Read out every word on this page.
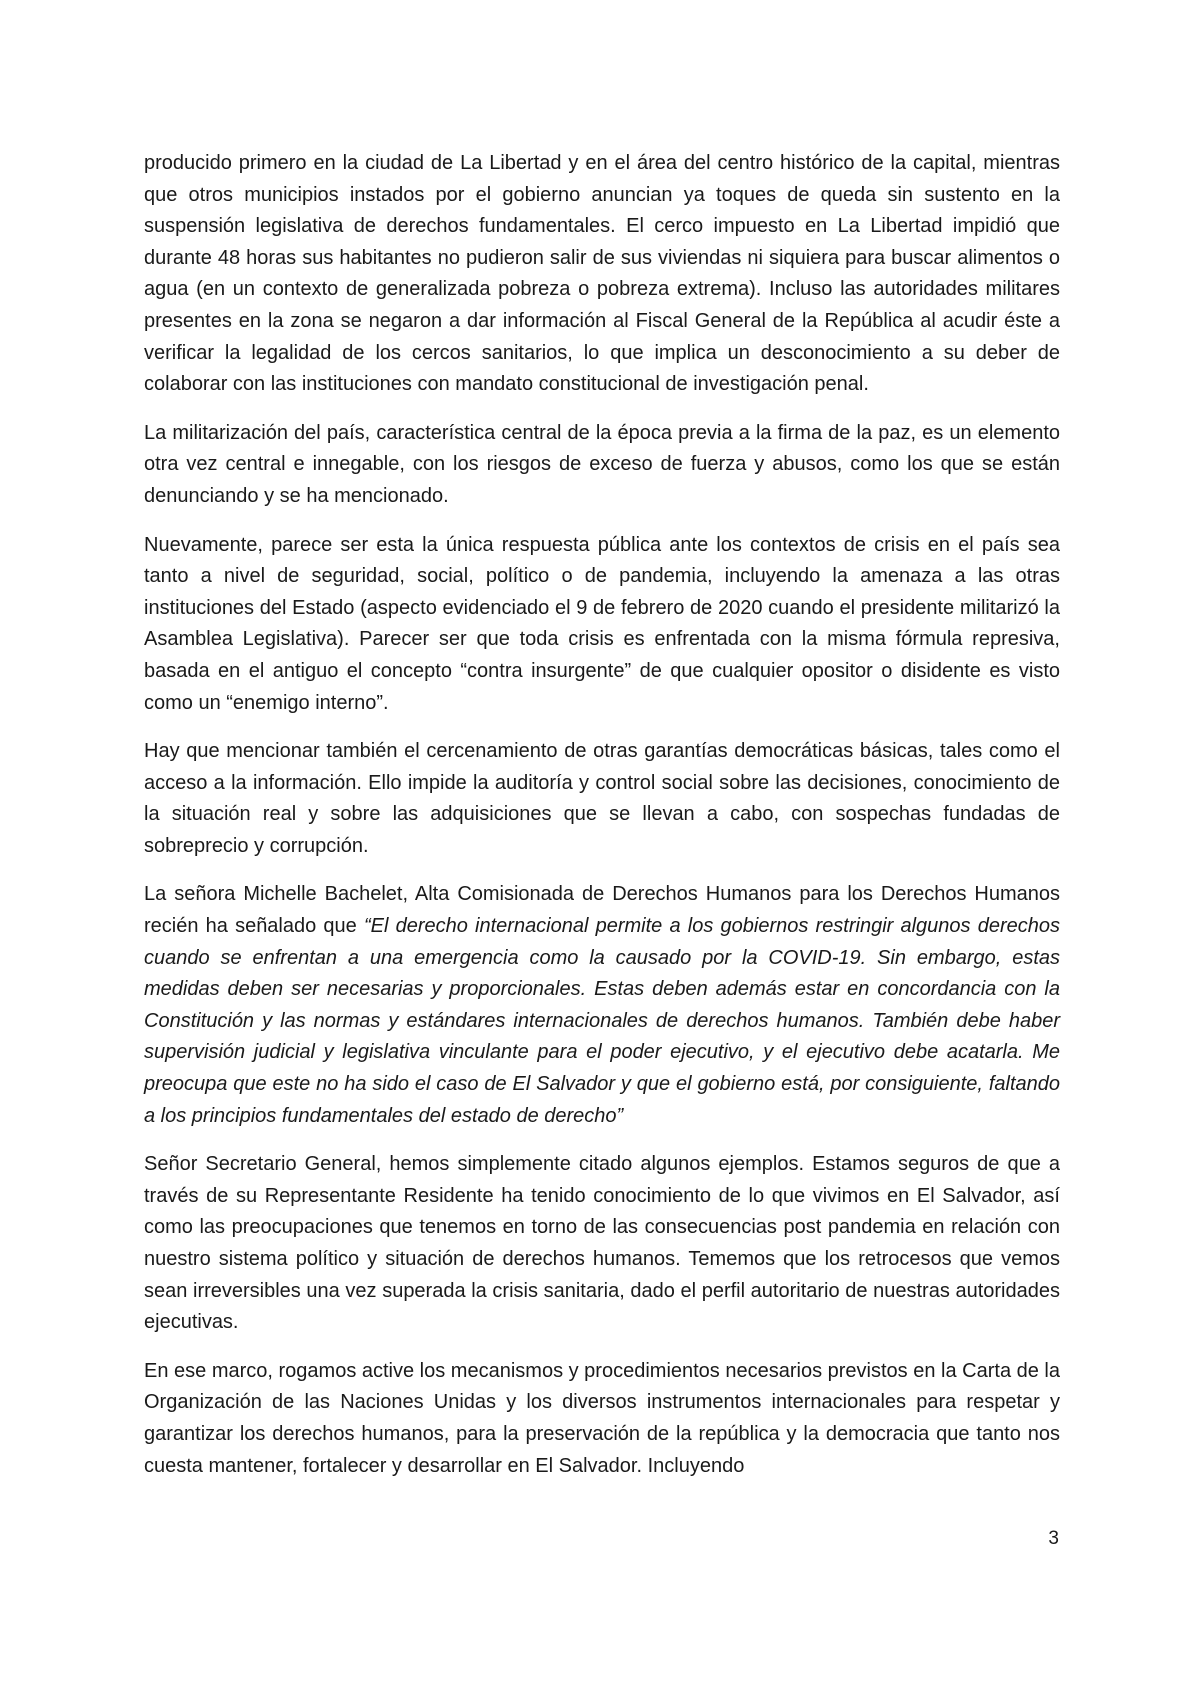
producido primero en la ciudad de La Libertad y en el área del centro histórico de la capital, mientras que otros municipios instados por el gobierno anuncian ya toques de queda sin sustento en la suspensión legislativa de derechos fundamentales. El cerco impuesto en La Libertad impidió que durante 48 horas sus habitantes no pudieron salir de sus viviendas ni siquiera para buscar alimentos o agua (en un contexto de generalizada pobreza o pobreza extrema). Incluso las autoridades militares presentes en la zona se negaron a dar información al Fiscal General de la República al acudir éste a verificar la legalidad de los cercos sanitarios, lo que implica un desconocimiento a su deber de colaborar con las instituciones con mandato constitucional de investigación penal.

La militarización del país, característica central de la época previa a la firma de la paz, es un elemento otra vez central e innegable, con los riesgos de exceso de fuerza y abusos, como los que se están denunciando y se ha mencionado.

Nuevamente, parece ser esta la única respuesta pública ante los contextos de crisis en el país sea tanto a nivel de seguridad, social, político o de pandemia, incluyendo la amenaza a las otras instituciones del Estado (aspecto evidenciado el 9 de febrero de 2020 cuando el presidente militarizó la Asamblea Legislativa). Parecer ser que toda crisis es enfrentada con la misma fórmula represiva, basada en el antiguo el concepto “contra insurgente” de que cualquier opositor o disidente es visto como un “enemigo interno”.

Hay que mencionar también el cercenamiento de otras garantías democráticas básicas, tales como el acceso a la información. Ello impide la auditoría y control social sobre las decisiones, conocimiento de la situación real y sobre las adquisiciones que se llevan a cabo, con sospechas fundadas de sobreprecio y corrupción.

La señora Michelle Bachelet, Alta Comisionada de Derechos Humanos para los Derechos Humanos recién ha señalado que “El derecho internacional permite a los gobiernos restringir algunos derechos cuando se enfrentan a una emergencia como la causado por la COVID-19. Sin embargo, estas medidas deben ser necesarias y proporcionales. Estas deben además estar en concordancia con la Constitución y las normas y estándares internacionales de derechos humanos. También debe haber supervisión judicial y legislativa vinculante para el poder ejecutivo, y el ejecutivo debe acatarla. Me preocupa que este no ha sido el caso de El Salvador y que el gobierno está, por consiguiente, faltando a los principios fundamentales del estado de derecho”

Señor Secretario General, hemos simplemente citado algunos ejemplos. Estamos seguros de que a través de su Representante Residente ha tenido conocimiento de lo que vivimos en El Salvador, así como las preocupaciones que tenemos en torno de las consecuencias post pandemia en relación con nuestro sistema político y situación de derechos humanos. Tememos que los retrocesos que vemos sean irreversibles una vez superada la crisis sanitaria, dado el perfil autoritario de nuestras autoridades ejecutivas.

En ese marco, rogamos active los mecanismos y procedimientos necesarios previstos en la Carta de la Organización de las Naciones Unidas y los diversos instrumentos internacionales para respetar y garantizar los derechos humanos, para la preservación de la república y la democracia que tanto nos cuesta mantener, fortalecer y desarrollar en El Salvador. Incluyendo

3
